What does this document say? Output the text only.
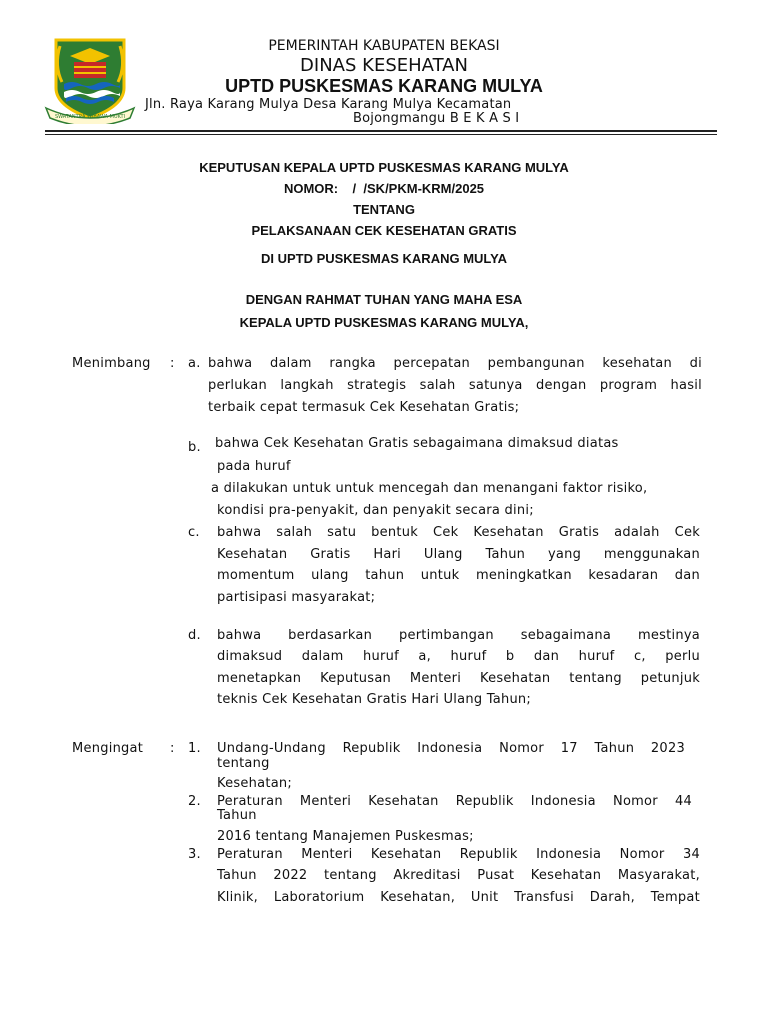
SWATANTRA WIBAWA MUKTI
PEMERINTAH KABUPATEN BEKASI
DINAS KESEHATAN
UPTD PUSKESMAS KARANG MULYA
Jln. Raya Karang Mulya Desa Karang Mulya Kecamatan
Bojongmangu B E K A S I
KEPUTUSAN KEPALA UPTD PUSKESMAS KARANG MULYA
NOMOR:    /  /SK/PKM-KRM/2025
TENTANG
PELAKSANAAN CEK KESEHATAN GRATIS
DI UPTD PUSKESMAS KARANG MULYA
DENGAN RAHMAT TUHAN YANG MAHA ESA
KEPALA UPTD PUSKESMAS KARANG MULYA,
Menimbang : a. bahwa dalam rangka percepatan pembangunan kesehatan di
perlukan langkah strategis salah satunya dengan program hasil
terbaik cepat termasuk Cek Kesehatan Gratis;
b. bahwa Cek Kesehatan Gratis sebagaimana dimaksud diatas
pada huruf
a dilakukan untuk untuk mencegah dan menangani faktor risiko,
kondisi pra-penyakit, dan penyakit secara dini;
c. bahwa salah satu bentuk Cek Kesehatan Gratis adalah Cek
Kesehatan Gratis Hari Ulang Tahun yang menggunakan
momentum ulang tahun untuk meningkatkan kesadaran dan
partisipasi masyarakat;
d. bahwa berdasarkan pertimbangan sebagaimana mestinya
dimaksud dalam huruf a, huruf b dan huruf c, perlu
menetapkan Keputusan Menteri Kesehatan tentang petunjuk
teknis Cek Kesehatan Gratis Hari Ulang Tahun;
Mengingat : 1. Undang-Undang Republik Indonesia Nomor 17 Tahun 2023
tentang
Kesehatan;
2. Peraturan Menteri Kesehatan Republik Indonesia Nomor 44
Tahun
2016 tentang Manajemen Puskesmas;
3. Peraturan Menteri Kesehatan Republik Indonesia Nomor 34
Tahun 2022 tentang Akreditasi Pusat Kesehatan Masyarakat,
Klinik, Laboratorium Kesehatan, Unit Transfusi Darah, Tempat
